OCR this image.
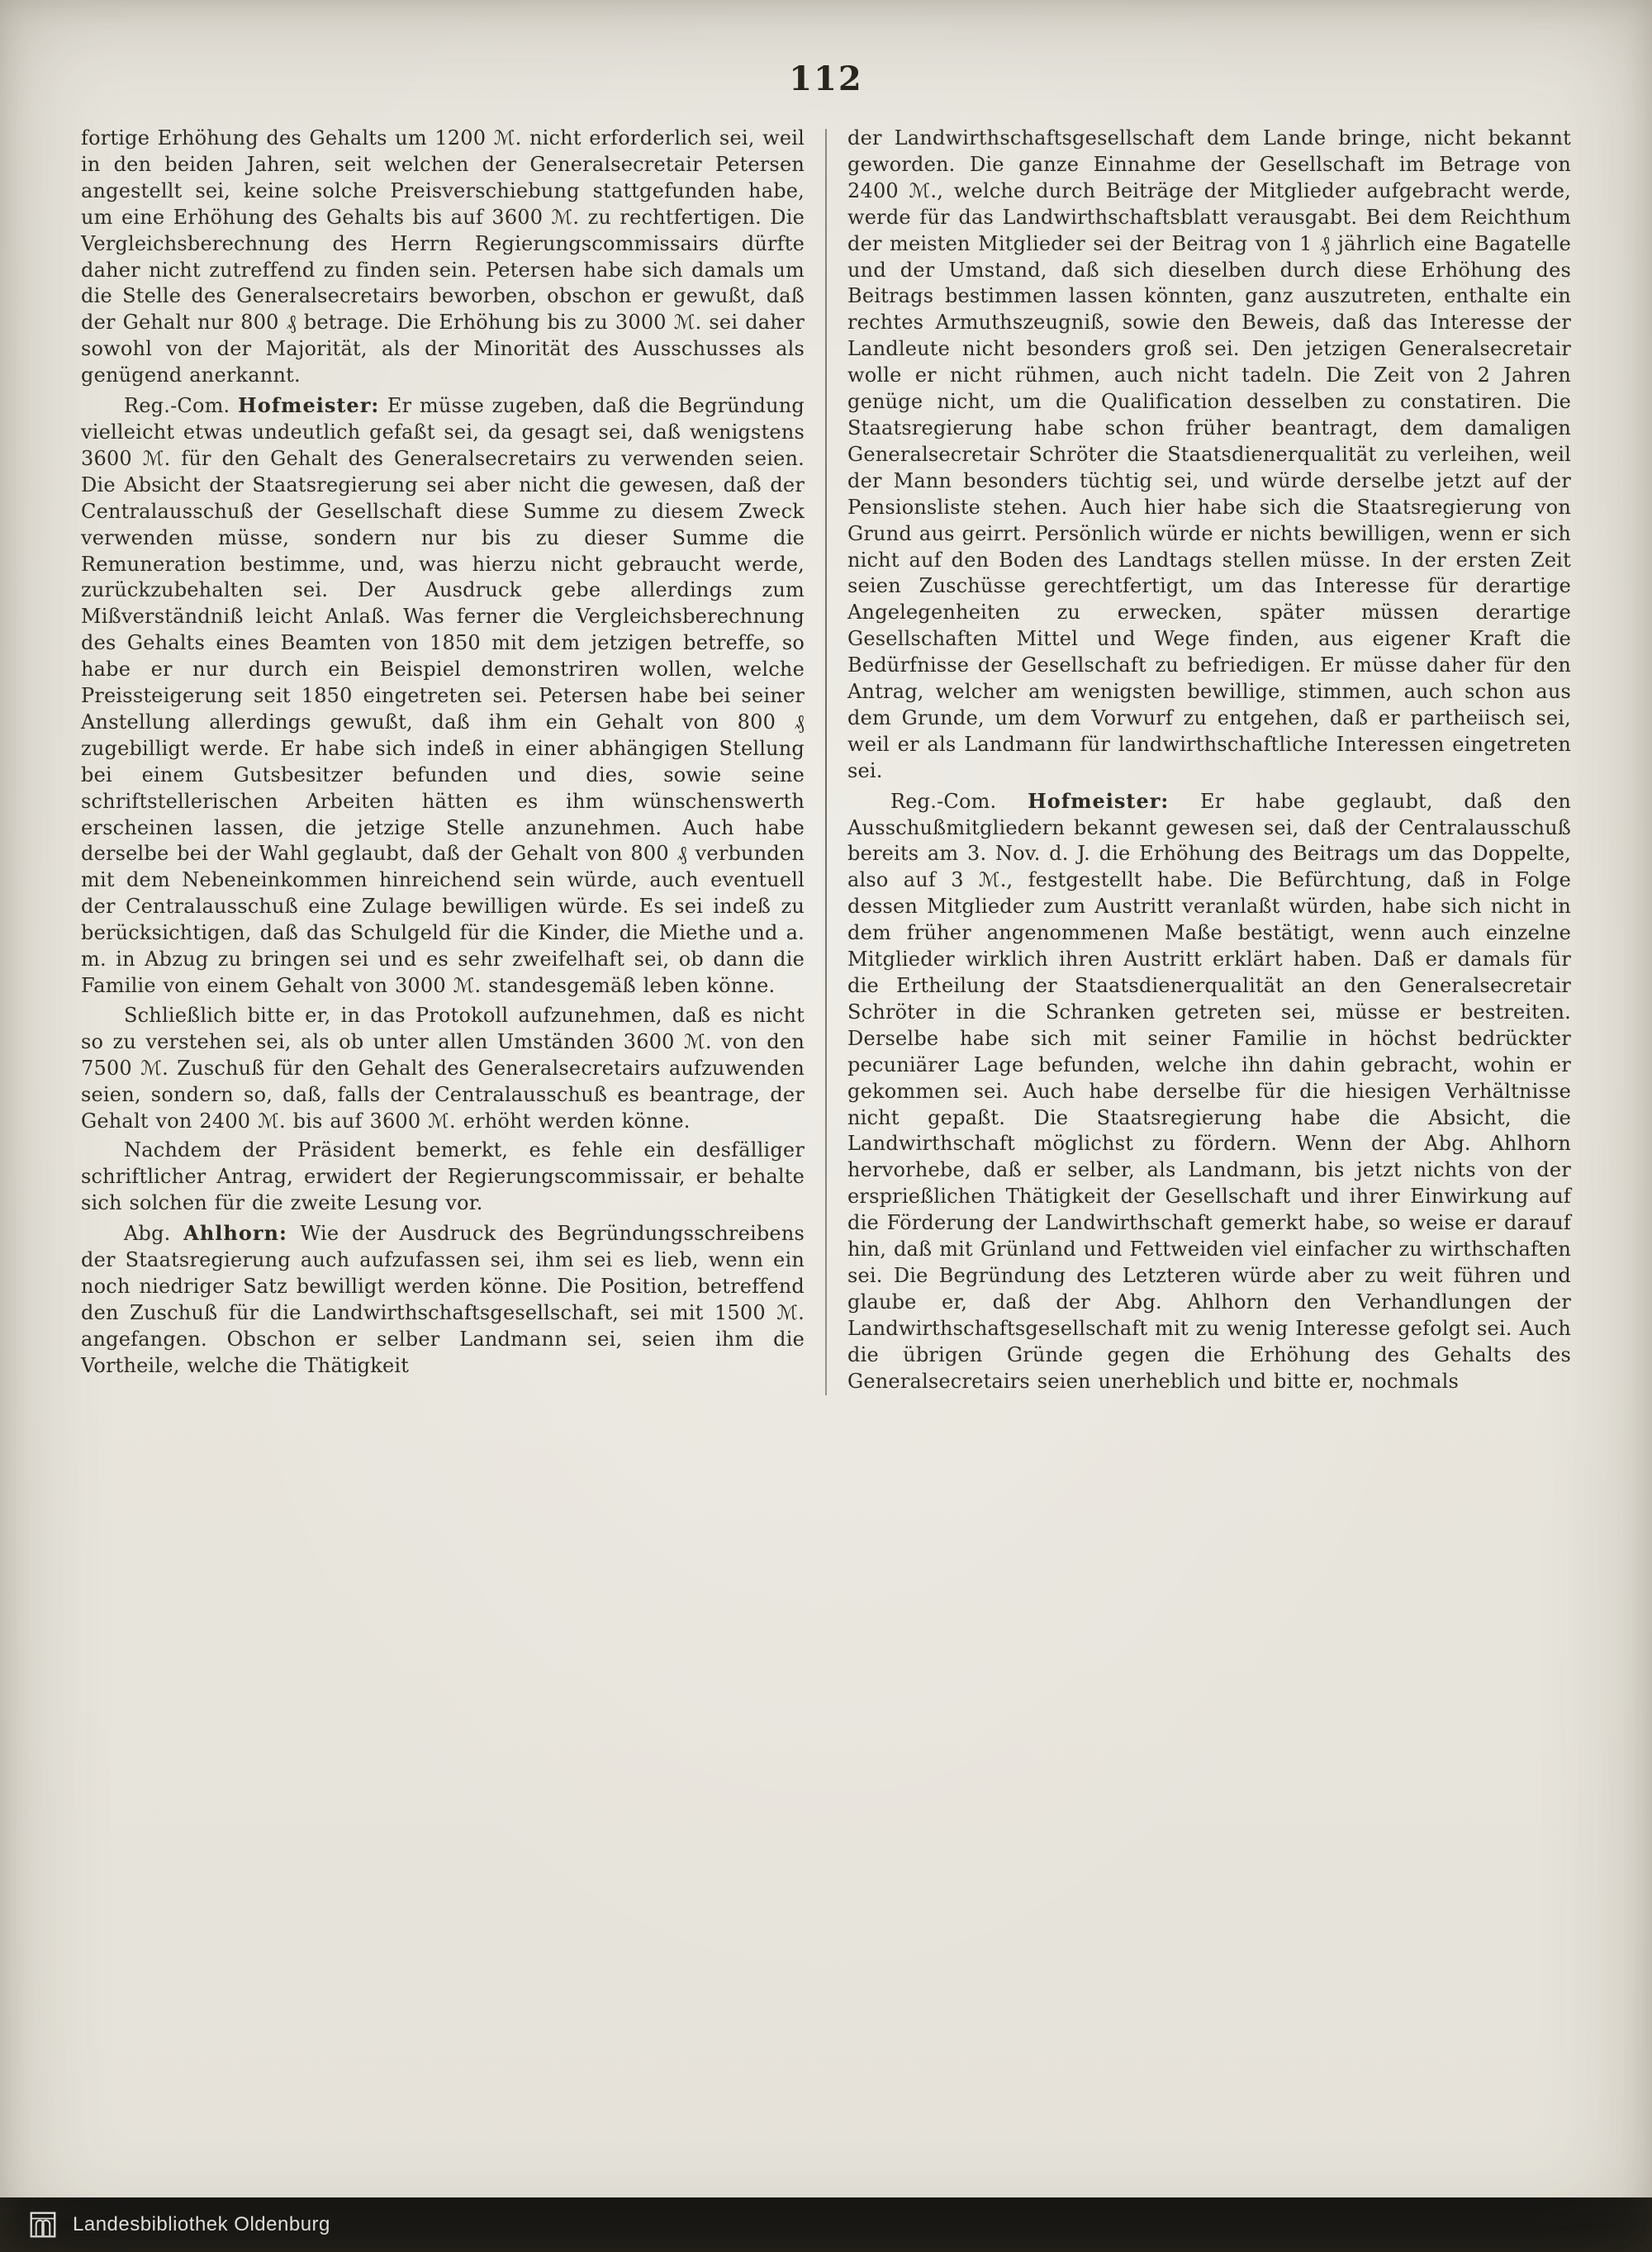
112

fortige Erhöhung des Gehalts um 1200 ℳ. nicht erforderlich sei, weil in den beiden Jahren, seit welchen der Generalsecretair Petersen angestellt sei, keine solche Preisverschiebung stattgefunden habe, um eine Erhöhung des Gehalts bis auf 3600 ℳ. zu rechtfertigen. Die Vergleichsberechnung des Herrn Regierungscommissairs dürfte daher nicht zutreffend zu finden sein. Petersen habe sich damals um die Stelle des Generalsecretairs beworben, obschon er gewußt, daß der Gehalt nur 800 ₰ betrage. Die Erhöhung bis zu 3000 ℳ. sei daher sowohl von der Majorität, als der Minorität des Ausschusses als genügend anerkannt.

Reg.-Com. Hofmeister: Er müsse zugeben, daß die Begründung vielleicht etwas undeutlich gefaßt sei, da gesagt sei, daß wenigstens 3600 ℳ. für den Gehalt des Generalsecretairs zu verwenden seien. Die Absicht der Staatsregierung sei aber nicht die gewesen, daß der Centralausschuß der Gesellschaft diese Summe zu diesem Zweck verwenden müsse, sondern nur bis zu dieser Summe die Remuneration bestimme, und, was hierzu nicht gebraucht werde, zurückzubehalten sei. Der Ausdruck gebe allerdings zum Mißverständniß leicht Anlaß. Was ferner die Vergleichsberechnung des Gehalts eines Beamten von 1850 mit dem jetzigen betreffe, so habe er nur durch ein Beispiel demonstriren wollen, welche Preissteigerung seit 1850 eingetreten sei. Petersen habe bei seiner Anstellung allerdings gewußt, daß ihm ein Gehalt von 800 ₰ zugebilligt werde. Er habe sich indeß in einer abhängigen Stellung bei einem Gutsbesitzer befunden und dies, sowie seine schriftstellerischen Arbeiten hätten es ihm wünschenswerth erscheinen lassen, die jetzige Stelle anzunehmen. Auch habe derselbe bei der Wahl geglaubt, daß der Gehalt von 800 ₰ verbunden mit dem Nebeneinkommen hinreichend sein würde, auch eventuell der Centralausschuß eine Zulage bewilligen würde. Es sei indeß zu berücksichtigen, daß das Schulgeld für die Kinder, die Miethe und a. m. in Abzug zu bringen sei und es sehr zweifelhaft sei, ob dann die Familie von einem Gehalt von 3000 ℳ. standesgemäß leben könne.

Schließlich bitte er, in das Protokoll aufzunehmen, daß es nicht so zu verstehen sei, als ob unter allen Umständen 3600 ℳ. von den 7500 ℳ. Zuschuß für den Gehalt des Generalsecretairs aufzuwenden seien, sondern so, daß, falls der Centralausschuß es beantrage, der Gehalt von 2400 ℳ. bis auf 3600 ℳ. erhöht werden könne.

Nachdem der Präsident bemerkt, es fehle ein desfälliger schriftlicher Antrag, erwidert der Regierungscommissair, er behalte sich solchen für die zweite Lesung vor.

Abg. Ahlhorn: Wie der Ausdruck des Begründungsschreibens der Staatsregierung auch aufzufassen sei, ihm sei es lieb, wenn ein noch niedriger Satz bewilligt werden könne. Die Position, betreffend den Zuschuß für die Landwirthschaftsgesellschaft, sei mit 1500 ℳ. angefangen. Obschon er selber Landmann sei, seien ihm die Vortheile, welche die Thätigkeit

der Landwirthschaftsgesellschaft dem Lande bringe, nicht bekannt geworden. Die ganze Einnahme der Gesellschaft im Betrage von 2400 ℳ., welche durch Beiträge der Mitglieder aufgebracht werde, werde für das Landwirthschaftsblatt verausgabt. Bei dem Reichthum der meisten Mitglieder sei der Beitrag von 1 ₰ jährlich eine Bagatelle und der Umstand, daß sich dieselben durch diese Erhöhung des Beitrags bestimmen lassen könnten, ganz auszutreten, enthalte ein rechtes Armuthszeugniß, sowie den Beweis, daß das Interesse der Landleute nicht besonders groß sei. Den jetzigen Generalsecretair wolle er nicht rühmen, auch nicht tadeln. Die Zeit von 2 Jahren genüge nicht, um die Qualification desselben zu constatiren. Die Staatsregierung habe schon früher beantragt, dem damaligen Generalsecretair Schröter die Staatsdienerqualität zu verleihen, weil der Mann besonders tüchtig sei, und würde derselbe jetzt auf der Pensionsliste stehen. Auch hier habe sich die Staatsregierung von Grund aus geirrt. Persönlich würde er nichts bewilligen, wenn er sich nicht auf den Boden des Landtags stellen müsse. In der ersten Zeit seien Zuschüsse gerechtfertigt, um das Interesse für derartige Angelegenheiten zu erwecken, später müssen derartige Gesellschaften Mittel und Wege finden, aus eigener Kraft die Bedürfnisse der Gesellschaft zu befriedigen. Er müsse daher für den Antrag, welcher am wenigsten bewillige, stimmen, auch schon aus dem Grunde, um dem Vorwurf zu entgehen, daß er partheiisch sei, weil er als Landmann für landwirthschaftliche Interessen eingetreten sei.

Reg.-Com. Hofmeister: Er habe geglaubt, daß den Ausschußmitgliedern bekannt gewesen sei, daß der Centralausschuß bereits am 3. Nov. d. J. die Erhöhung des Beitrags um das Doppelte, also auf 3 ℳ., festgestellt habe. Die Befürchtung, daß in Folge dessen Mitglieder zum Austritt veranlaßt würden, habe sich nicht in dem früher angenommenen Maße bestätigt, wenn auch einzelne Mitglieder wirklich ihren Austritt erklärt haben. Daß er damals für die Ertheilung der Staatsdienerqualität an den Generalsecretair Schröter in die Schranken getreten sei, müsse er bestreiten. Derselbe habe sich mit seiner Familie in höchst bedrückter pecuniärer Lage befunden, welche ihn dahin gebracht, wohin er gekommen sei. Auch habe derselbe für die hiesigen Verhältnisse nicht gepaßt. Die Staatsregierung habe die Absicht, die Landwirthschaft möglichst zu fördern. Wenn der Abg. Ahlhorn hervorhebe, daß er selber, als Landmann, bis jetzt nichts von der ersprießlichen Thätigkeit der Gesellschaft und ihrer Einwirkung auf die Förderung der Landwirthschaft gemerkt habe, so weise er darauf hin, daß mit Grünland und Fettweiden viel einfacher zu wirthschaften sei. Die Begründung des Letzteren würde aber zu weit führen und glaube er, daß der Abg. Ahlhorn den Verhandlungen der Landwirthschaftsgesellschaft mit zu wenig Interesse gefolgt sei. Auch die übrigen Gründe gegen die Erhöhung des Gehalts des Generalsecretairs seien unerheblich und bitte er, nochmals

Landesbibliothek Oldenburg
